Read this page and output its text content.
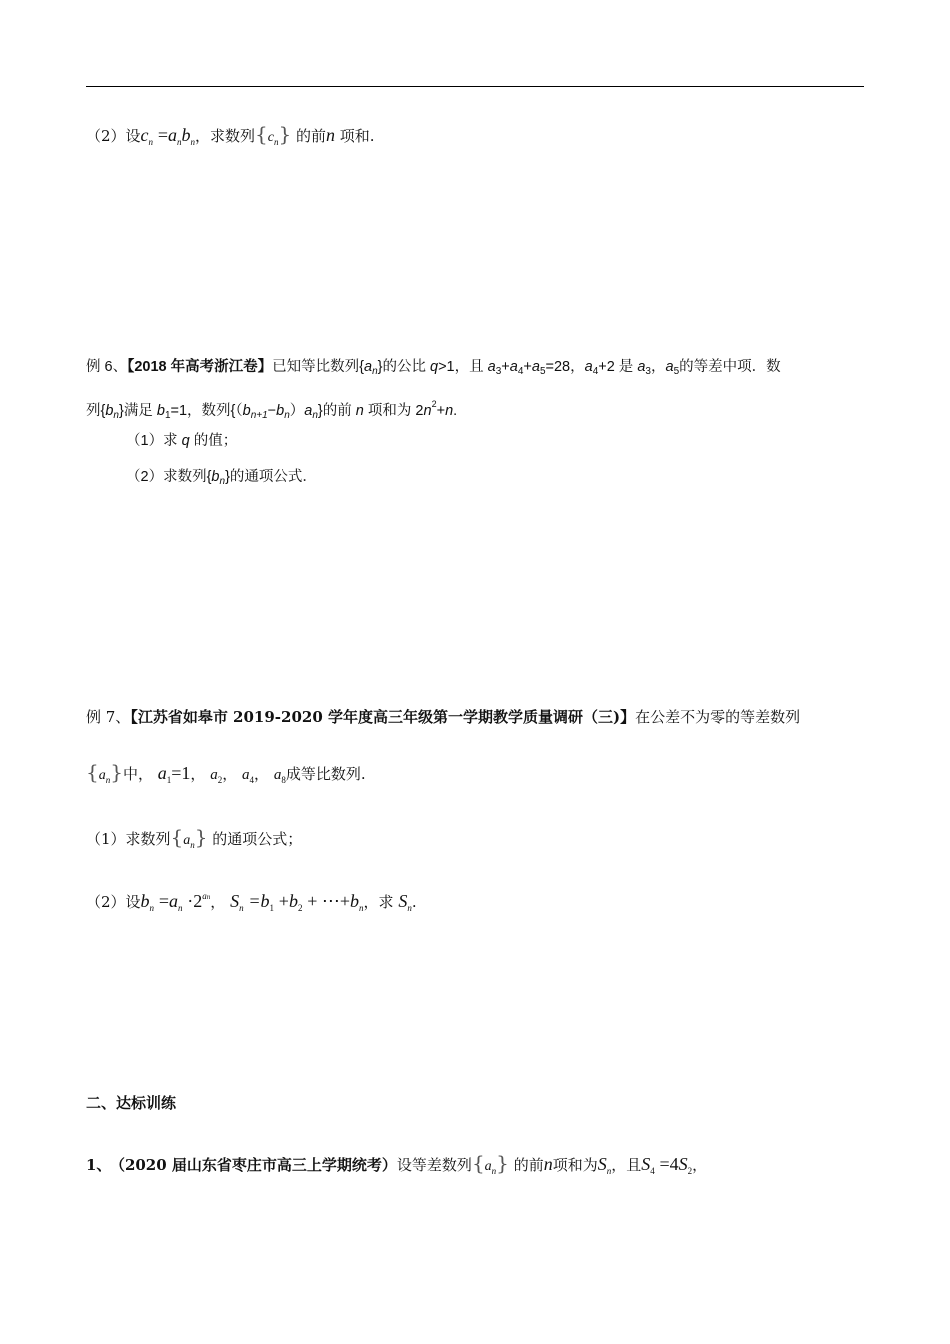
（2）设$c_n =a_nb_n$，求数列$\{c_n\}$ 的前n 项和.
例 6、【2018 年高考浙江卷】已知等比数列$\{a_n\}$的公比 q>1，且 $a_3+a_4+a_5=28$，$a_4+2$ 是 $a_3$，$a_5$的等差中项．数
列$\{b_n\}$满足 $b_1=1$，数列$\{(b_{n+1}-b_n)a_n\}$的前 n 项和为 $2n^2+n$.
（1）求 q 的值；
（2）求数列$\{b_n\}$的通项公式．
例 7、【江苏省如皋市 2019-2020 学年度高三年级第一学期教学质量调研（三)】在公差不为零的等差数列
$\{a_n\}$中， $a_1=1$， $a_2$， $a_4$， $a_8$成等比数列.
（1）求数列$\{a_n\}$ 的通项公式；
（2）设$b_n =a_n \cdot 2^{an}$， $S_n =b_1 +b_2$ + $\cdots+b_n$，求 $S_n$.
二、达标训练
1、 （2020 届山东省枣庄市高三上学期统考）设等差数列$\{a_n\}$ 的前n项和为$S_n$，且$S_4 =4S_2$，
